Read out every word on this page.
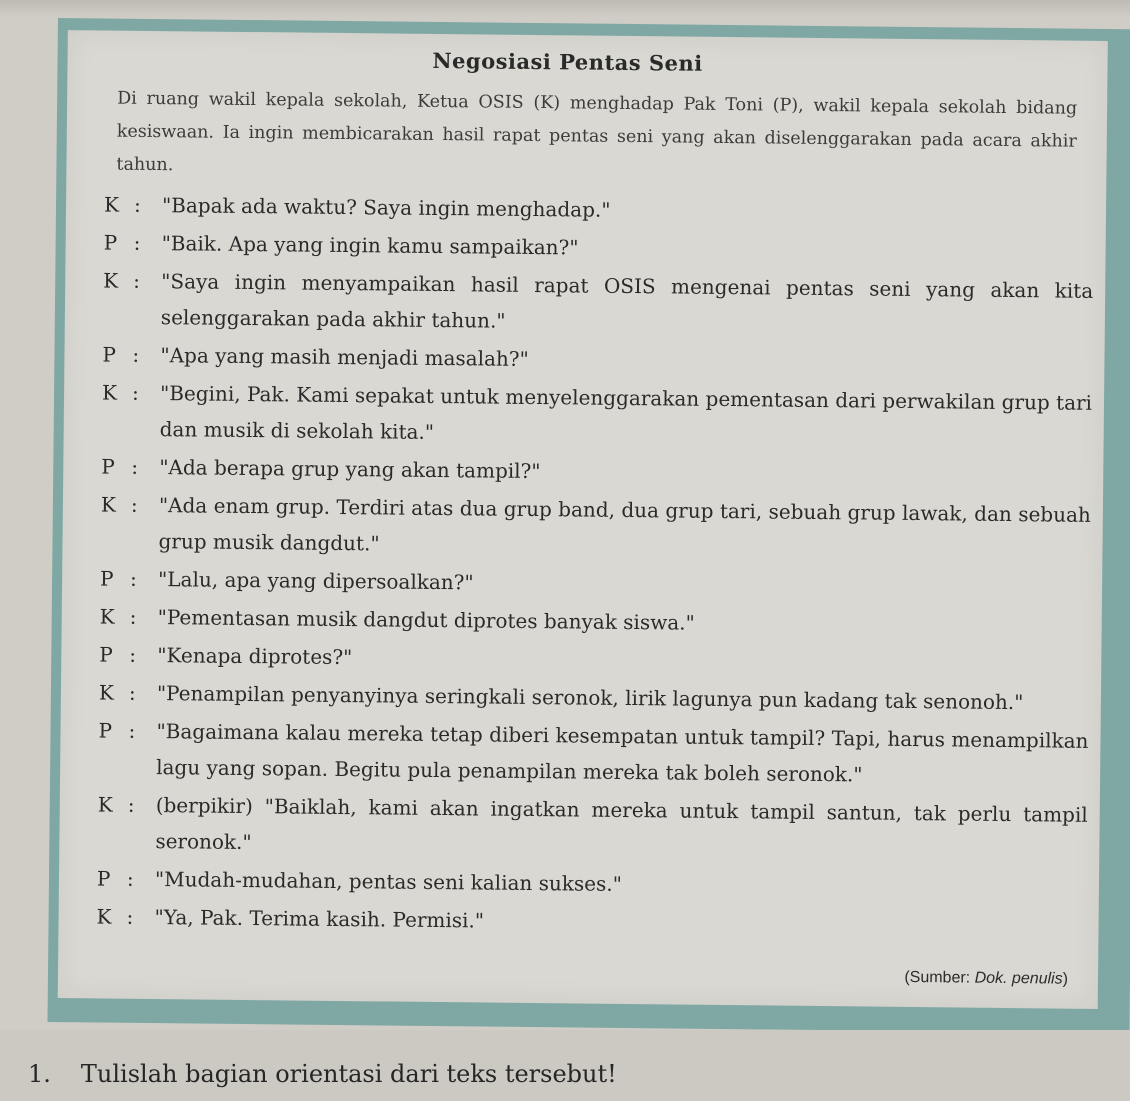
Negosiasi Pentas Seni
Di ruang wakil kepala sekolah, Ketua OSIS (K) menghadap Pak Toni (P), wakil kepala sekolah bidang kesiswaan. Ia ingin membicarakan hasil rapat pentas seni yang akan diselenggarakan pada acara akhir tahun.
K :	"Bapak ada waktu? Saya ingin menghadap."
P :	"Baik. Apa yang ingin kamu sampaikan?"
K :	"Saya ingin menyampaikan hasil rapat OSIS mengenai pentas seni yang akan kita selenggarakan pada akhir tahun."
P :	"Apa yang masih menjadi masalah?"
K :	"Begini, Pak. Kami sepakat untuk menyelenggarakan pementasan dari perwakilan grup tari dan musik di sekolah kita."
P :	"Ada berapa grup yang akan tampil?"
K :	"Ada enam grup. Terdiri atas dua grup band, dua grup tari, sebuah grup lawak, dan sebuah grup musik dangdut."
P :	"Lalu, apa yang dipersoalkan?"
K :	"Pementasan musik dangdut diprotes banyak siswa."
P :	"Kenapa diprotes?"
K :	"Penampilan penyanyinya seringkali seronok, lirik lagunya pun kadang tak senonoh."
P :	"Bagaimana kalau mereka tetap diberi kesempatan untuk tampil? Tapi, harus menampilkan lagu yang sopan. Begitu pula penampilan mereka tak boleh seronok."
K :	(berpikir) "Baiklah, kami akan ingatkan mereka untuk tampil santun, tak perlu tampil seronok."
P :	"Mudah-mudahan, pentas seni kalian sukses."
K :	"Ya, Pak. Terima kasih. Permisi."
(Sumber: Dok. penulis)
1. Tulislah bagian orientasi dari teks tersebut!
